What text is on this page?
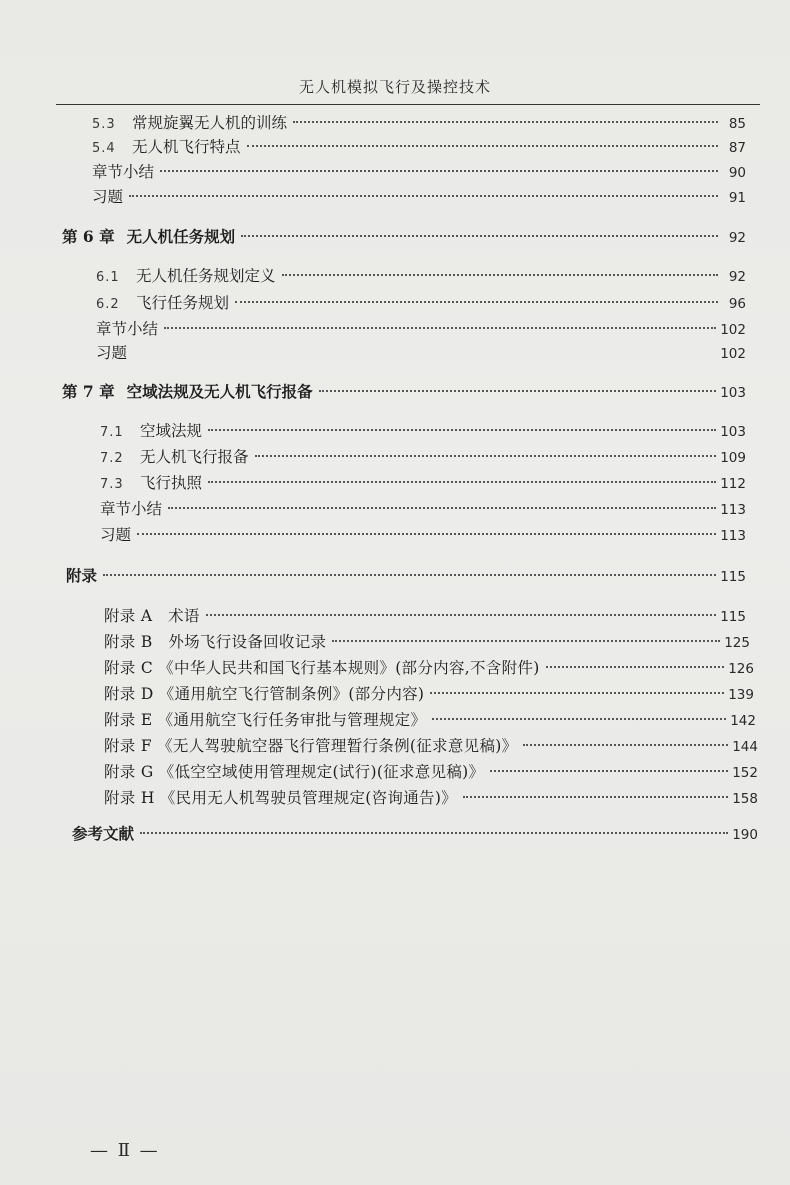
无人机模拟飞行及操控技术
5.3	常规旋翼无人机的训练	85
5.4	无人机飞行特点	87
章节小结	90
习题	91
第 6 章 无人机任务规划	92
6.1	无人机任务规划定义	92
6.2	飞行任务规划	96
章节小结	102
习题	102
第 7 章 空域法规及无人机飞行报备	103
7.1	空域法规	103
7.2	无人机飞行报备	109
7.3	飞行执照	112
章节小结	113
习题	113
附录	115
附录 A　术语	115
附录 B　外场飞行设备回收记录	125
附录 C 《中华人民共和国飞行基本规则》(部分内容,不含附件)	126
附录 D 《通用航空飞行管制条例》(部分内容)	139
附录 E 《通用航空飞行任务审批与管理规定》	142
附录 F 《无人驾驶航空器飞行管理暂行条例(征求意见稿)》	144
附录 G 《低空空域使用管理规定(试行)(征求意见稿)》	152
附录 H 《民用无人机驾驶员管理规定(咨询通告)》	158
参考文献	190
— Ⅱ —
